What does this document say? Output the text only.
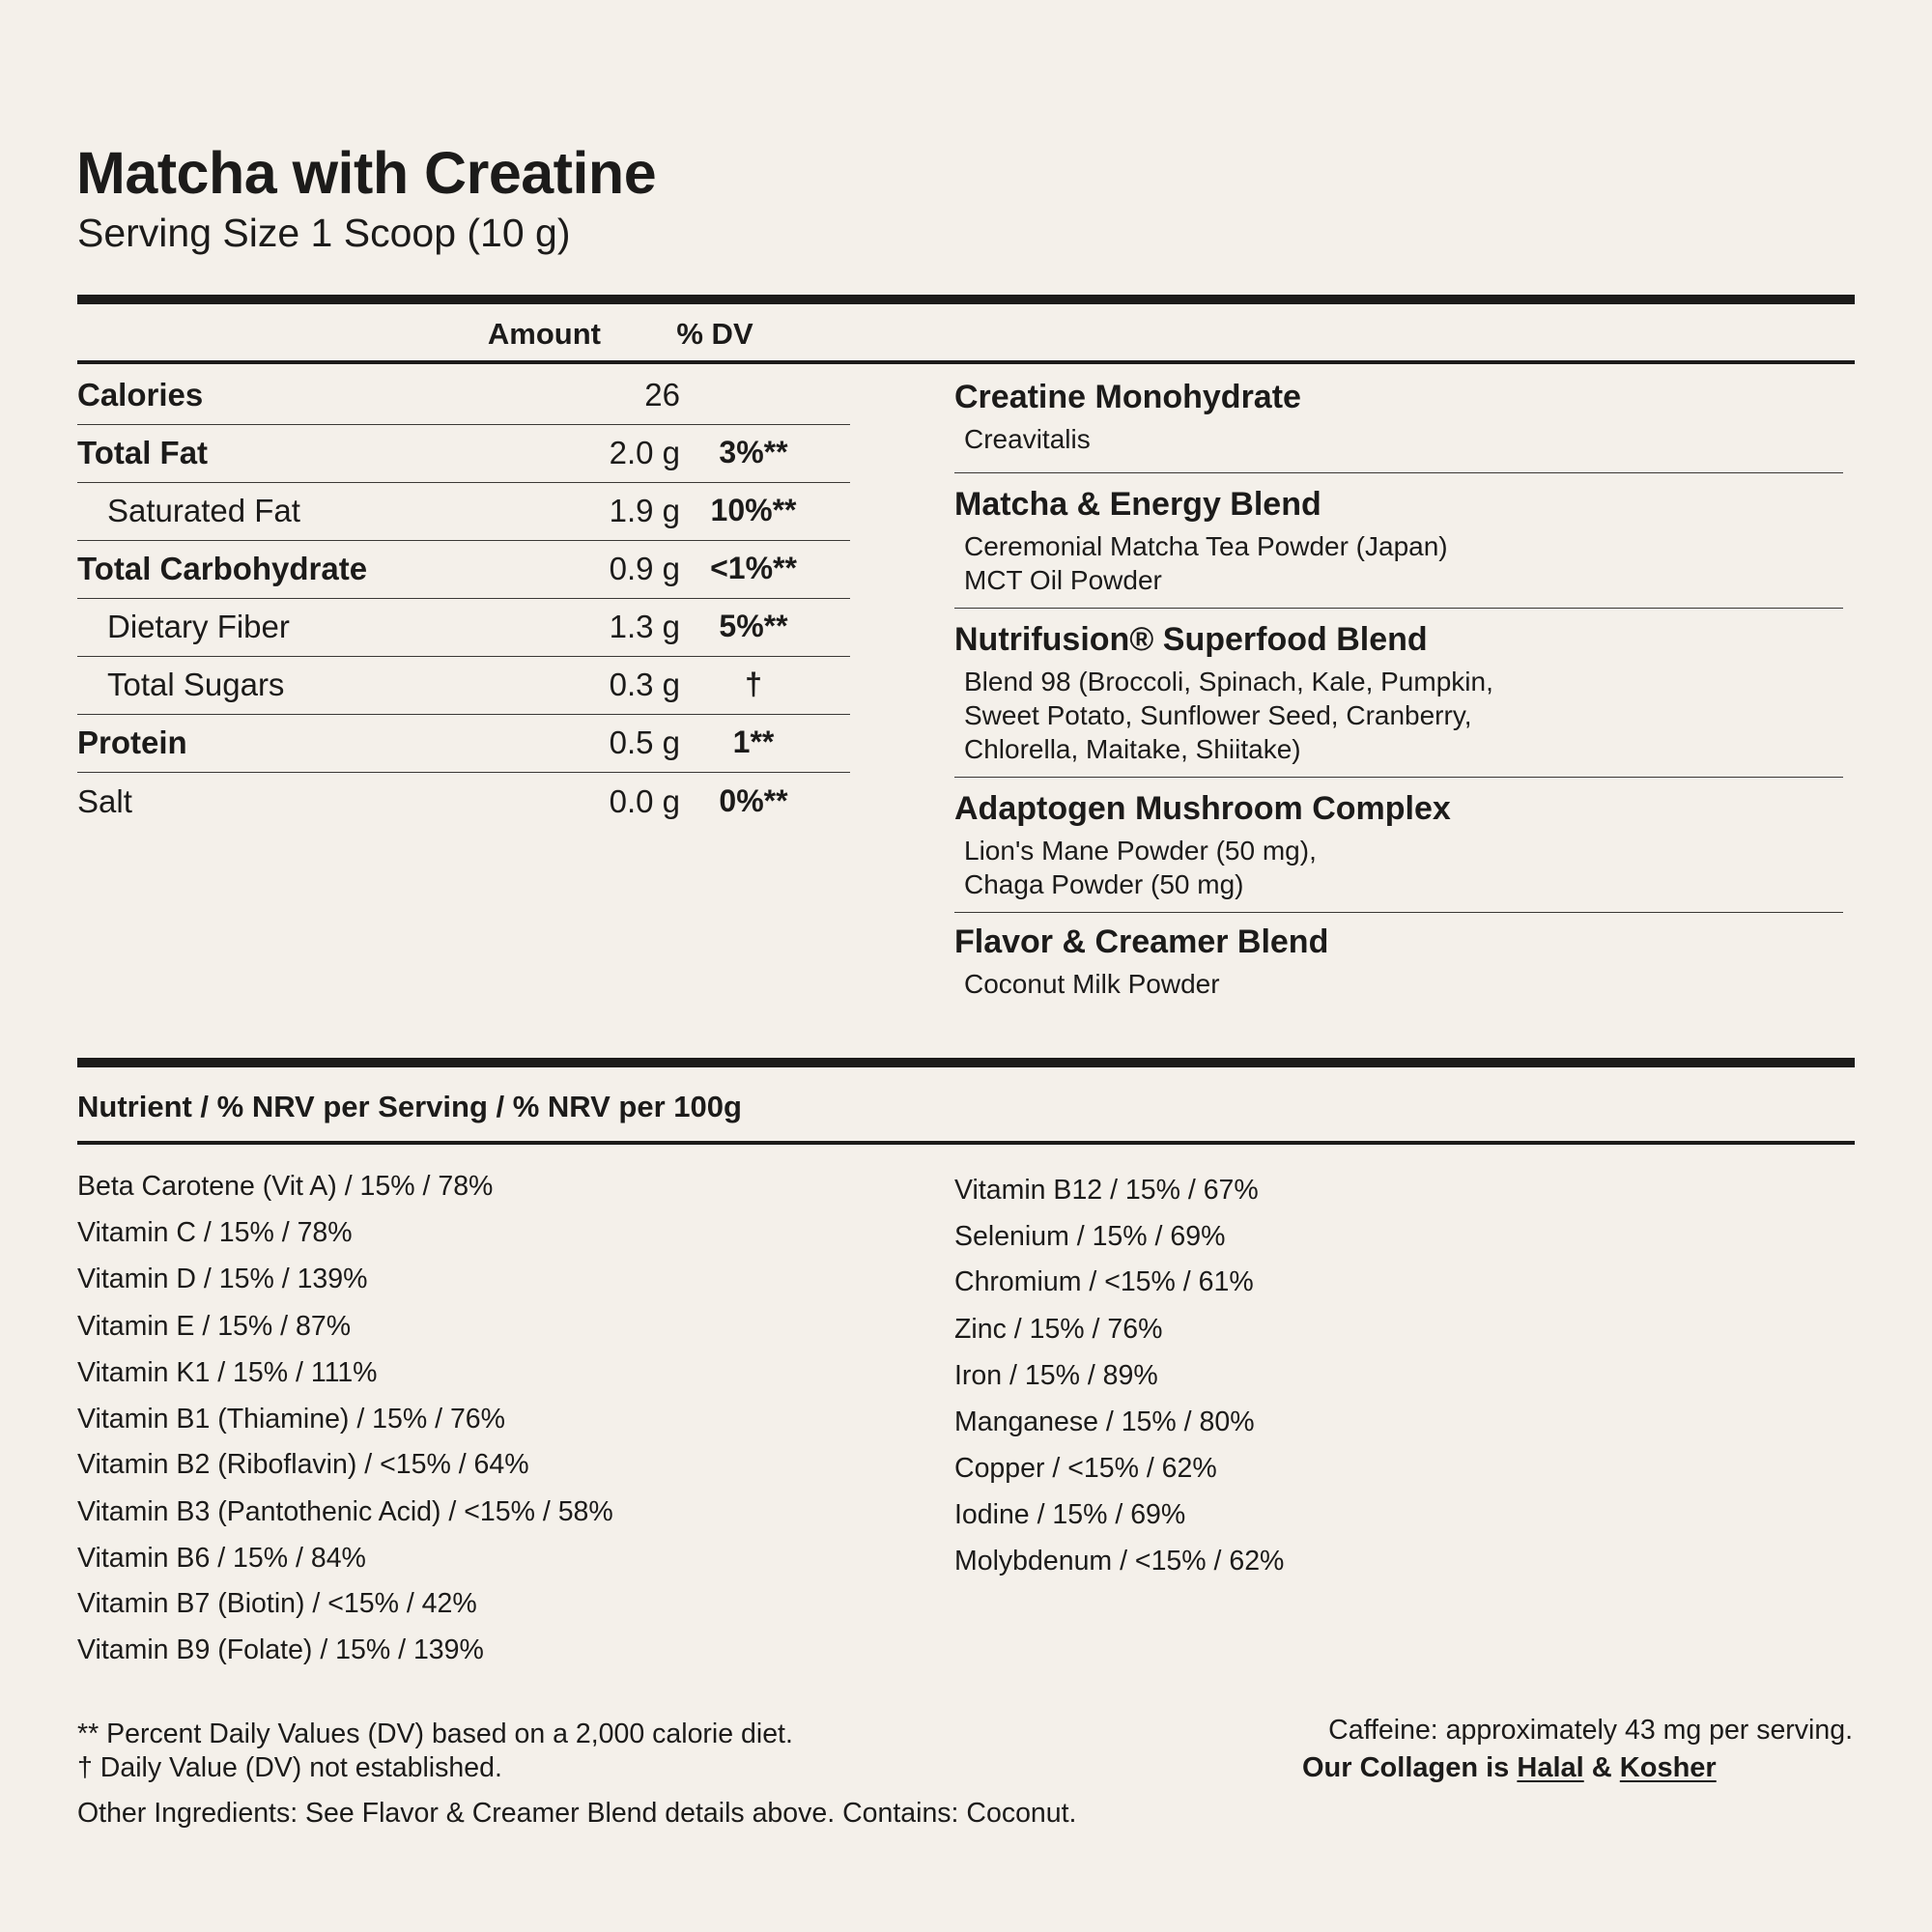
Matcha with Creatine
Serving Size 1 Scoop (10 g)
Amount	% DV
Calories	26
Total Fat	2.0 g	3%**
Saturated Fat	1.9 g 10%**
Total Carbohydrate	0.9 g <1%**
Dietary Fiber	1.3 g	5%**
Total Sugars	0.3 g	†
Protein	0.5 g	1**
Salt	0.0 g	0%**
Creatine Monohydrate
Creavitalis
Matcha & Energy Blend
Ceremonial Matcha Tea Powder (Japan)
MCT Oil Powder
Nutrifusion® Superfood Blend
Blend 98 (Broccoli, Spinach, Kale, Pumpkin,
Sweet Potato, Sunflower Seed, Cranberry,
Chlorella, Maitake, Shiitake)
Adaptogen Mushroom Complex
Lion's Mane Powder (50 mg),
Chaga Powder (50 mg)
Flavor & Creamer Blend
Coconut Milk Powder
Nutrient / % NRV per Serving / % NRV per 100g
Beta Carotene (Vit A) / 15% / 78%
Vitamin C / 15% / 78%
Vitamin D / 15% / 139%
Vitamin E / 15% / 87%
Vitamin K1 / 15% / 111%
Vitamin B1 (Thiamine) / 15% / 76%
Vitamin B2 (Riboflavin) / <15% / 64%
Vitamin B3 (Pantothenic Acid) / <15% / 58%
Vitamin B6 / 15% / 84%
Vitamin B7 (Biotin) / <15% / 42%
Vitamin B9 (Folate) / 15% / 139%
Vitamin B12 / 15% / 67%
Selenium / 15% / 69%
Chromium / <15% / 61%
Zinc / 15% / 76%
Iron / 15% / 89%
Manganese / 15% / 80%
Copper / <15% / 62%
Iodine / 15% / 69%
Molybdenum / <15% / 62%
** Percent Daily Values (DV) based on a 2,000 calorie diet.
† Daily Value (DV) not established.
Other Ingredients: See Flavor & Creamer Blend details above. Contains: Coconut.
Caffeine: approximately 43 mg per serving.
Our Collagen is Halal & Kosher
